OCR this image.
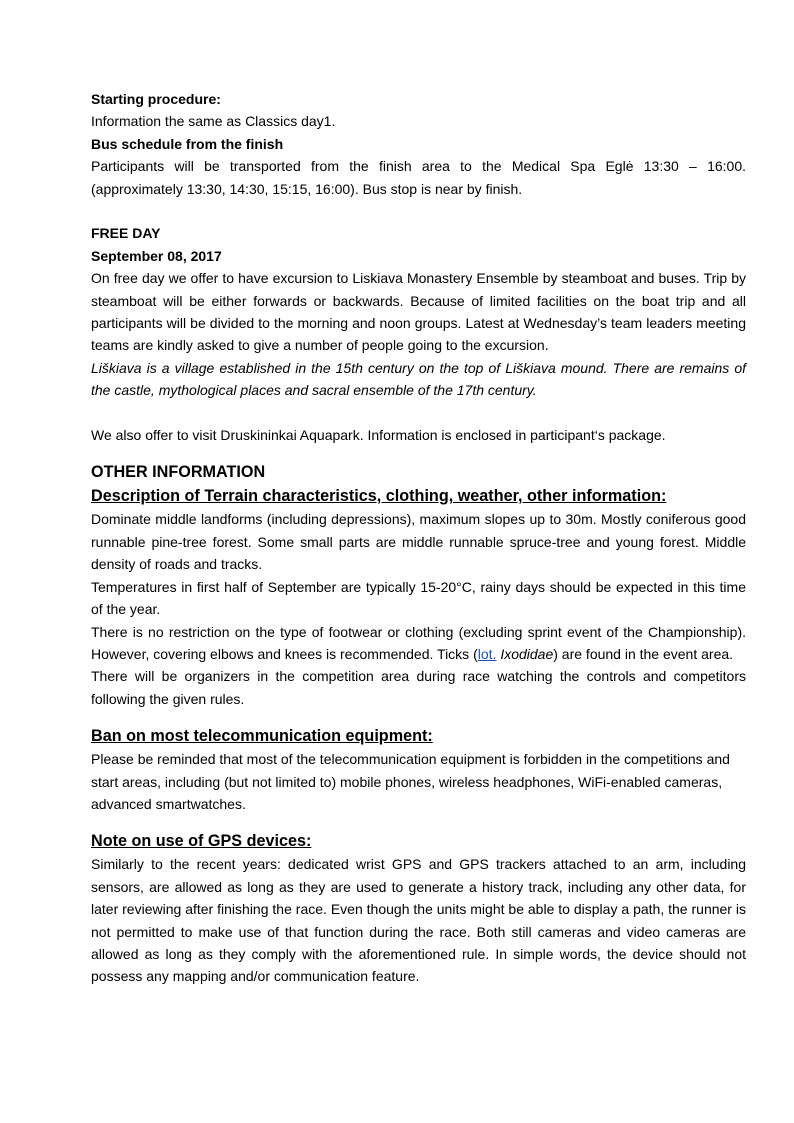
Starting procedure:

Information the same as Classics day1.

Bus schedule from the finish

Participants will be transported from the finish area to the Medical Spa Eglė 13:30 – 16:00. (approximately 13:30, 14:30, 15:15, 16:00). Bus stop is near by finish.

FREE DAY

September 08, 2017

On free day we offer to have excursion to Liskiava Monastery Ensemble by steamboat and buses. Trip by steamboat will be either forwards or backwards. Because of limited facilities on the boat trip and all participants will be divided to the morning and noon groups. Latest at Wednesday’s team leaders meeting teams are kindly asked to give a number of people going to the excursion.

Liškiava is a village established in the 15th century on the top of Liškiava mound. There are remains of the castle, mythological places and sacral ensemble of the 17th century.

We also offer to visit Druskininkai Aquapark. Information is enclosed in participant‘s package.

OTHER INFORMATION

Description of Terrain characteristics, clothing, weather, other information:

Dominate middle landforms (including depressions), maximum slopes up to 30m. Mostly coniferous good runnable pine-tree forest. Some small parts are middle runnable spruce-tree and young forest. Middle density of roads and tracks.

Temperatures in first half of September are typically 15-20°C, rainy days should be expected in this time of the year.

There is no restriction on the type of footwear or clothing (excluding sprint event of the Championship). However, covering elbows and knees is recommended. Ticks (lot. Ixodidae) are found in the event area.

There will be organizers in the competition area during race watching the controls and competitors following the given rules.

Ban on most telecommunication equipment:

Please be reminded that most of the telecommunication equipment is forbidden in the competitions and start areas, including (but not limited to) mobile phones, wireless headphones, WiFi-enabled cameras, advanced smartwatches.

Note on use of GPS devices:

Similarly to the recent years: dedicated wrist GPS and GPS trackers attached to an arm, including sensors, are allowed as long as they are used to generate a history track, including any other data, for later reviewing after finishing the race. Even though the units might be able to display a path, the runner is not permitted to make use of that function during the race. Both still cameras and video cameras are allowed as long as they comply with the aforementioned rule. In simple words, the device should not possess any mapping and/or communication feature.
